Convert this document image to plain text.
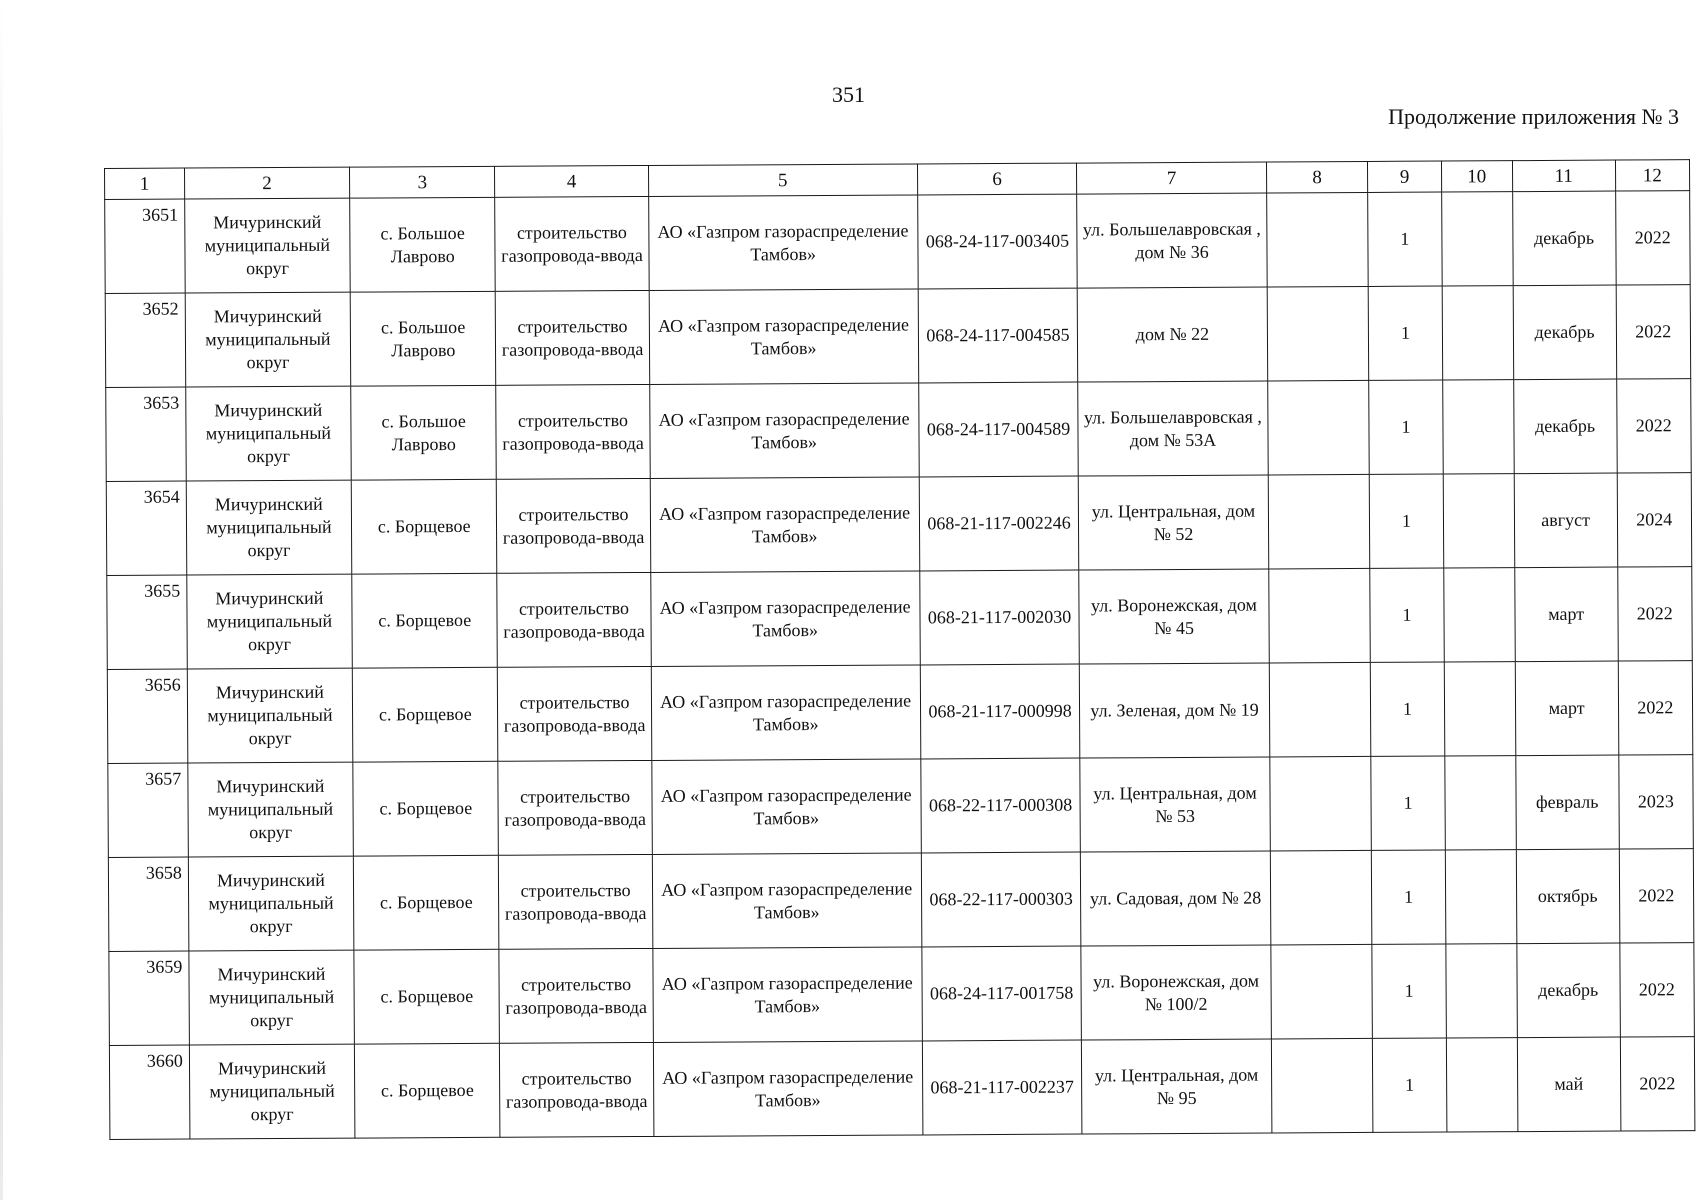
351
Продолжение приложения № 3
1	2	3	4	5	6	7	8	9	10	11	12
3651	Мичуринский муниципальный округ	с. Большое Лаврово	строительство газопровода-ввода	АО «Газпром газораспределение Тамбов»	068-24-117-003405	ул. Большелавровская , дом № 36		1		декабрь	2022
3652	Мичуринский муниципальный округ	с. Большое Лаврово	строительство газопровода-ввода	АО «Газпром газораспределение Тамбов»	068-24-117-004585	дом № 22		1		декабрь	2022
3653	Мичуринский муниципальный округ	с. Большое Лаврово	строительство газопровода-ввода	АО «Газпром газораспределение Тамбов»	068-24-117-004589	ул. Большелавровская , дом № 53А		1		декабрь	2022
3654	Мичуринский муниципальный округ	с. Борщевое	строительство газопровода-ввода	АО «Газпром газораспределение Тамбов»	068-21-117-002246	ул. Центральная, дом № 52		1		август	2024
3655	Мичуринский муниципальный округ	с. Борщевое	строительство газопровода-ввода	АО «Газпром газораспределение Тамбов»	068-21-117-002030	ул. Воронежская, дом № 45		1		март	2022
3656	Мичуринский муниципальный округ	с. Борщевое	строительство газопровода-ввода	АО «Газпром газораспределение Тамбов»	068-21-117-000998	ул. Зеленая, дом № 19		1		март	2022
3657	Мичуринский муниципальный округ	с. Борщевое	строительство газопровода-ввода	АО «Газпром газораспределение Тамбов»	068-22-117-000308	ул. Центральная, дом № 53		1		февраль	2023
3658	Мичуринский муниципальный округ	с. Борщевое	строительство газопровода-ввода	АО «Газпром газораспределение Тамбов»	068-22-117-000303	ул. Садовая, дом № 28		1		октябрь	2022
3659	Мичуринский муниципальный округ	с. Борщевое	строительство газопровода-ввода	АО «Газпром газораспределение Тамбов»	068-24-117-001758	ул. Воронежская, дом № 100/2		1		декабрь	2022
3660	Мичуринский муниципальный округ	с. Борщевое	строительство газопровода-ввода	АО «Газпром газораспределение Тамбов»	068-21-117-002237	ул. Центральная, дом № 95		1		май	2022
